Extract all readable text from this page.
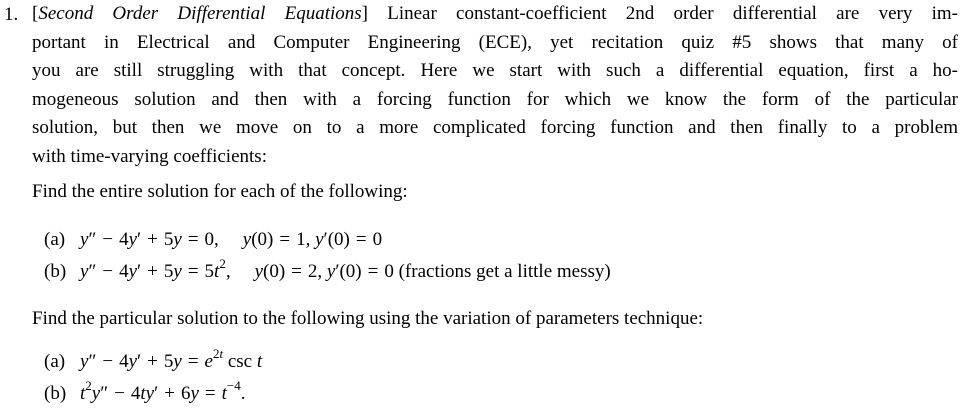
1. [Second Order Differential Equations] Linear constant-coefficient 2nd order differential are very im-
portant in Electrical and Computer Engineering (ECE), yet recitation quiz #5 shows that many of
you are still struggling with that concept. Here we start with such a differential equation, first a ho-
mogeneous solution and then with a forcing function for which we know the form of the particular
solution, but then we move on to a more complicated forcing function and then finally to a problem
with time-varying coefficients:
Find the entire solution for each of the following:
(a) y″ − 4y′ + 5y = 0, y(0) = 1, y′(0) = 0
(b) $y'' - 4y' + 5y = 5t^2$, y(0) = 2, y′(0) = 0 (fractions get a little messy)
Find the particular solution to the following using the variation of parameters technique:
(a) $y'' - 4y' + 5y = e^{2t}$ csc t
(b) $t^2y'' - 4ty' + 6y = t^{-4}$.
